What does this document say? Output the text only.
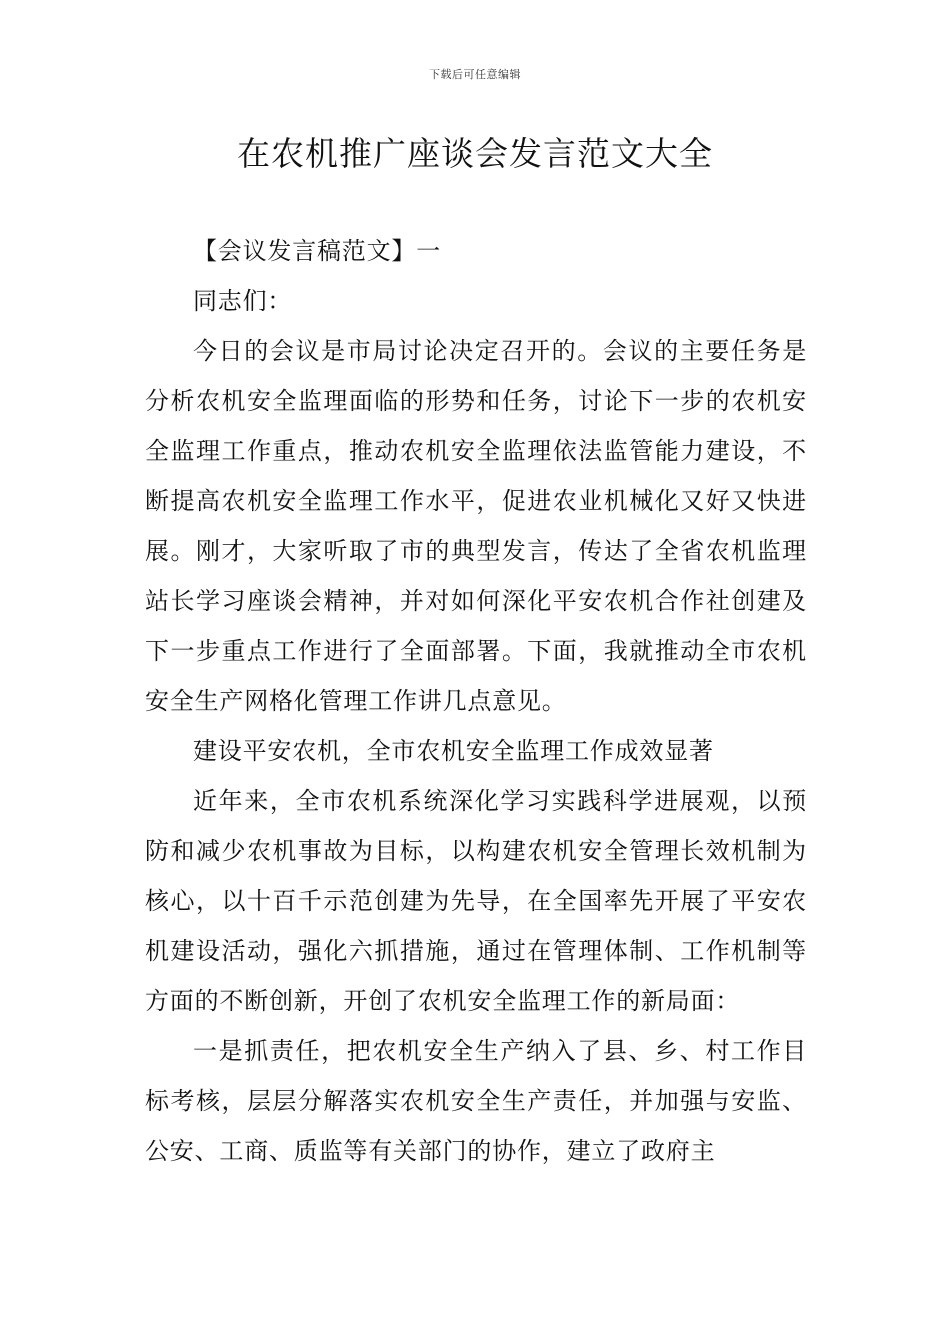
下载后可任意编辑
在农机推广座谈会发言范文大全

【会议发言稿范文】一

同志们：

今日的会议是市局讨论决定召开的。会议的主要任务是分析农机安全监理面临的形势和任务，讨论下一步的农机安全监理工作重点，推动农机安全监理依法监管能力建设，不断提高农机安全监理工作水平，促进农业机械化又好又快进展。刚才，大家听取了市的典型发言，传达了全省农机监理站长学习座谈会精神，并对如何深化平安农机合作社创建及下一步重点工作进行了全面部署。下面，我就推动全市农机安全生产网格化管理工作讲几点意见。

建设平安农机，全市农机安全监理工作成效显著

近年来，全市农机系统深化学习实践科学进展观，以预防和减少农机事故为目标，以构建农机安全管理长效机制为核心，以十百千示范创建为先导，在全国率先开展了平安农机建设活动，强化六抓措施，通过在管理体制、工作机制等方面的不断创新，开创了农机安全监理工作的新局面：

一是抓责任，把农机安全生产纳入了县、乡、村工作目标考核，层层分解落实农机安全生产责任，并加强与安监、公安、工商、质监等有关部门的协作，建立了政府主
